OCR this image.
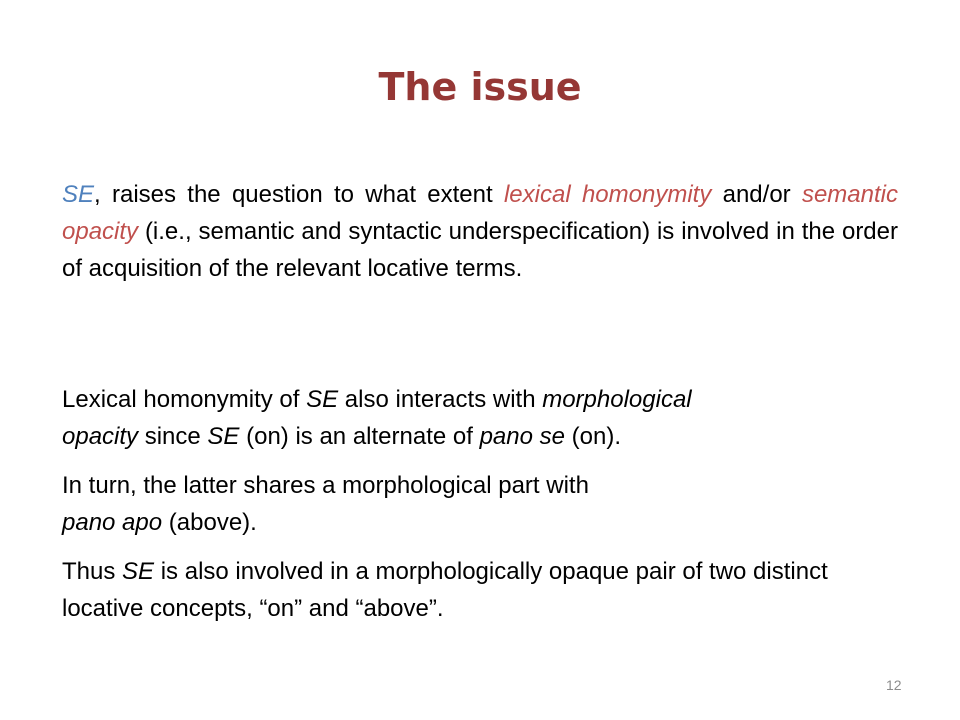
The issue

SE, raises the question to what extent lexical homonymity and/or semantic opacity (i.e., semantic and syntactic underspecification) is involved in the order of acquisition of the relevant locative terms.

Lexical homonymity of SE also interacts with morphological
opacity since SE (on) is an alternate of pano se (on).

In turn, the latter shares a morphological part with
pano apo (above).

Thus SE is also involved in a morphologically opaque pair of two distinct locative concepts, “on” and “above”.

12
